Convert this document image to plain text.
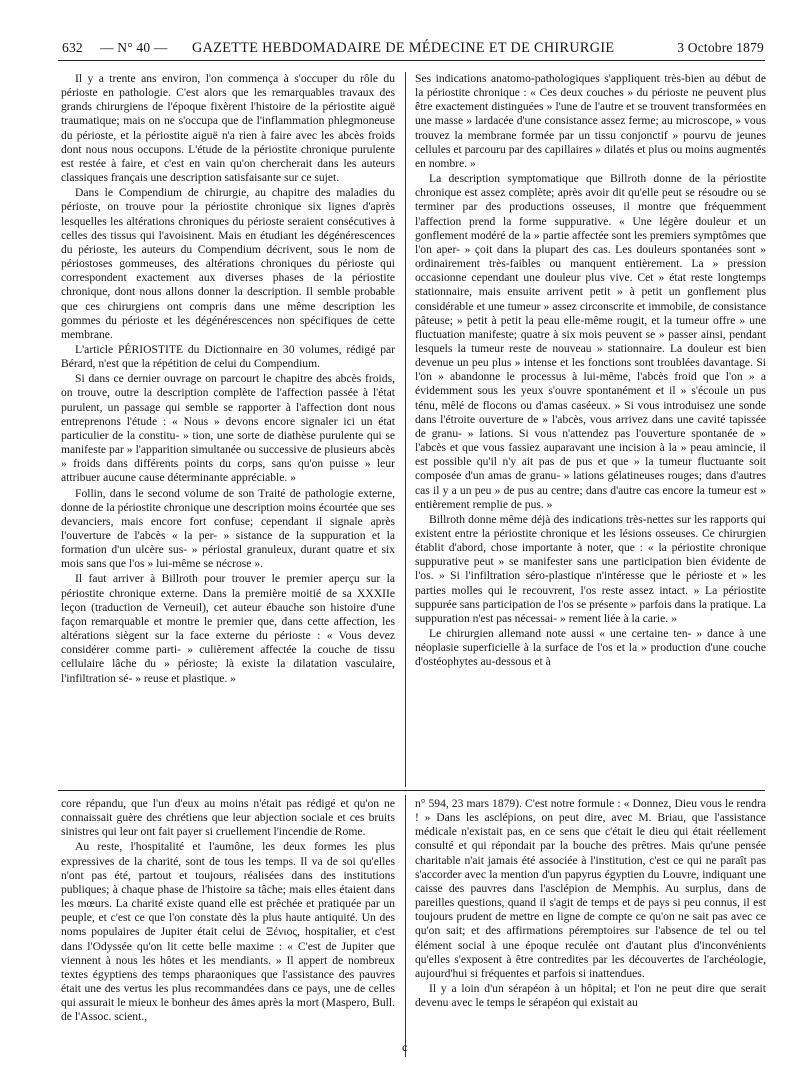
632 — N° 40 — GAZETTE HEBDOMADAIRE DE MÉDECINE ET DE CHIRURGIE	3 Octobre 1879

Il y a trente ans environ, l'on commença à s'occuper du rôle du périoste en pathologie. C'est alors que les remarquables travaux des grands chirurgiens de l'époque fixèrent l'histoire de la périostite aiguë traumatique; mais on ne s'occupa que de l'inflammation phlegmoneuse du périoste, et la périostite aiguë n'a rien à faire avec les abcès froids dont nous nous occupons. L'étude de la périostite chronique purulente est restée à faire, et c'est en vain qu'on chercherait dans les auteurs classiques français une description satisfaisante sur ce sujet.

Dans le Compendium de chirurgie, au chapitre des maladies du périoste, on trouve pour la périostite chronique six lignes d'après lesquelles les altérations chroniques du périoste seraient consécutives à celles des tissus qui l'avoisinent. Mais en étudiant les dégénérescences du périoste, les auteurs du Compendium décrivent, sous le nom de périostoses gommeuses, des altérations chroniques du périoste qui correspondent exactement aux diverses phases de la périostite chronique, dont nous allons donner la description. Il semble probable que ces chirurgiens ont compris dans une même description les gommes du périoste et les dégénérescences non spécifiques de cette membrane.

L'article PÉRIOSTITE du Dictionnaire en 30 volumes, rédigé par Bérard, n'est que la répétition de celui du Compendium.

Si dans ce dernier ouvrage on parcourt le chapitre des abcès froids, on trouve, outre la description complète de l'affection passée à l'état purulent, un passage qui semble se rapporter à l'affection dont nous entreprenons l'étude : « Nous » devons encore signaler ici un état particulier de la constitu- » tion, une sorte de diathèse purulente qui se manifeste par » l'apparition simultanée ou successive de plusieurs abcès » froids dans différents points du corps, sans qu'on puisse » leur attribuer aucune cause déterminante appréciable. »

Follin, dans le second volume de son Traité de pathologie externe, donne de la périostite chronique une description moins écourtée que ses devanciers, mais encore fort confuse; cependant il signale après l'ouverture de l'abcès « la per- » sistance de la suppuration et la formation d'un ulcère sus- » périostal granuleux, durant quatre et six mois sans que l'os » lui-même se nécrose ».

Il faut arriver à Billroth pour trouver le premier aperçu sur la périostite chronique externe. Dans la première moitié de sa XXXIIe leçon (traduction de Verneuil), cet auteur ébauche son histoire d'une façon remarquable et montre le premier que, dans cette affection, les altérations siègent sur la face externe du périoste : « Vous devez considérer comme parti- » culièrement affectée la couche de tissu cellulaire lâche du » périoste; là existe la dilatation vasculaire, l'infiltration sé- » reuse et plastique. »

Ses indications anatomo-pathologiques s'appliquent très-bien au début de la périostite chronique : « Ces deux couches » du périoste ne peuvent plus être exactement distinguées » l'une de l'autre et se trouvent transformées en une masse » lardacée d'une consistance assez ferme; au microscope, » vous trouvez la membrane formée par un tissu conjonctif » pourvu de jeunes cellules et parcouru par des capillaires » dilatés et plus ou moins augmentés en nombre. »

La description symptomatique que Billroth donne de la périostite chronique est assez complète; après avoir dit qu'elle peut se résoudre ou se terminer par des productions osseuses, il montre que fréquemment l'affection prend la forme suppurative. « Une légère douleur et un gonflement modéré de la » partie affectée sont les premiers symptômes que l'on aper- » çoit dans la plupart des cas. Les douleurs spontanées sont » ordinairement très-faibles ou manquent entièrement. La » pression occasionne cependant une douleur plus vive. Cet » état reste longtemps stationnaire, mais ensuite arrivent petit » à petit un gonflement plus considérable et une tumeur » assez circonscrite et immobile, de consistance pâteuse; » petit à petit la peau elle-même rougit, et la tumeur offre » une fluctuation manifeste; quatre à six mois peuvent se » passer ainsi, pendant lesquels la tumeur reste de nouveau » stationnaire. La douleur est bien devenue un peu plus » intense et les fonctions sont troublées davantage. Si l'on » abandonne le processus à lui-même, l'abcès froid que l'on » a évidemment sous les yeux s'ouvre spontanément et il » s'écoule un pus ténu, mêlé de flocons ou d'amas caséeux. » Si vous introduisez une sonde dans l'étroite ouverture de » l'abcès, vous arrivez dans une cavité tapissée de granu- » lations. Si vous n'attendez pas l'ouverture spontanée de » l'abcès et que vous fassiez auparavant une incision à la » peau amincie, il est possible qu'il n'y ait pas de pus et que » la tumeur fluctuante soit composée d'un amas de granu- » lations gélatineuses rouges; dans d'autres cas il y a un peu » de pus au centre; dans d'autre cas encore la tumeur est » entièrement remplie de pus. »

Billroth donne même déjà des indications très-nettes sur les rapports qui existent entre la périostite chronique et les lésions osseuses. Ce chirurgien établit d'abord, chose importante à noter, que : « la périostite chronique suppurative peut » se manifester sans une participation bien évidente de l'os. » Si l'infiltration séro-plastique n'intéresse que le périoste et » les parties molles qui le recouvrent, l'os reste assez intact. » La périostite suppurée sans participation de l'os se présente » parfois dans la pratique. La suppuration n'est pas nécessai- » rement liée à la carie. »

Le chirurgien allemand note aussi « une certaine ten- » dance à une néoplasie superficielle à la surface de l'os et la » production d'une couche d'ostéophytes au-dessous et à

core répandu, que l'un d'eux au moins n'était pas rédigé et qu'on ne connaissait guère des chrétiens que leur abjection sociale et ces bruits sinistres qui leur ont fait payer si cruellement l'incendie de Rome.

Au reste, l'hospitalité et l'aumône, les deux formes les plus expressives de la charité, sont de tous les temps. Il va de soi qu'elles n'ont pas été, partout et toujours, réalisées dans des institutions publiques; à chaque phase de l'histoire sa tâche; mais elles étaient dans les mœurs. La charité existe quand elle est prêchée et pratiquée par un peuple, et c'est ce que l'on constate dès la plus haute antiquité. Un des noms populaires de Jupiter était celui de Ξένιος, hospitalier, et c'est dans l'Odyssée qu'on lit cette belle maxime : « C'est de Jupiter que viennent à nous les hôtes et les mendiants. » Il appert de nombreux textes égyptiens des temps pharaoniques que l'assistance des pauvres était une des vertus les plus recommandées dans ce pays, une de celles qui assurait le mieux le bonheur des âmes après la mort (Maspero, Bull. de l'Assoc. scient.,

n° 594, 23 mars 1879). C'est notre formule : « Donnez, Dieu vous le rendra ! » Dans les asclépions, on peut dire, avec M. Briau, que l'assistance médicale n'existait pas, en ce sens que c'était le dieu qui était réellement consulté et qui répondait par la bouche des prêtres. Mais qu'une pensée charitable n'ait jamais été associée à l'institution, c'est ce qui ne paraît pas s'accorder avec la mention d'un papyrus égyptien du Louvre, indiquant une caisse des pauvres dans l'asclépion de Memphis. Au surplus, dans de pareilles questions, quand il s'agit de temps et de pays si peu connus, il est toujours prudent de mettre en ligne de compte ce qu'on ne sait pas avec ce qu'on sait; et des affirmations péremptoires sur l'absence de tel ou tel élément social à une époque reculée ont d'autant plus d'inconvénients qu'elles s'exposent à être contredites par les découvertes de l'archéologie, aujourd'hui si fréquentes et parfois si inattendues.

Il y a loin d'un sérapéon à un hôpital; et l'on ne peut dire que serait devenu avec le temps le sérapéon qui existait au

c
